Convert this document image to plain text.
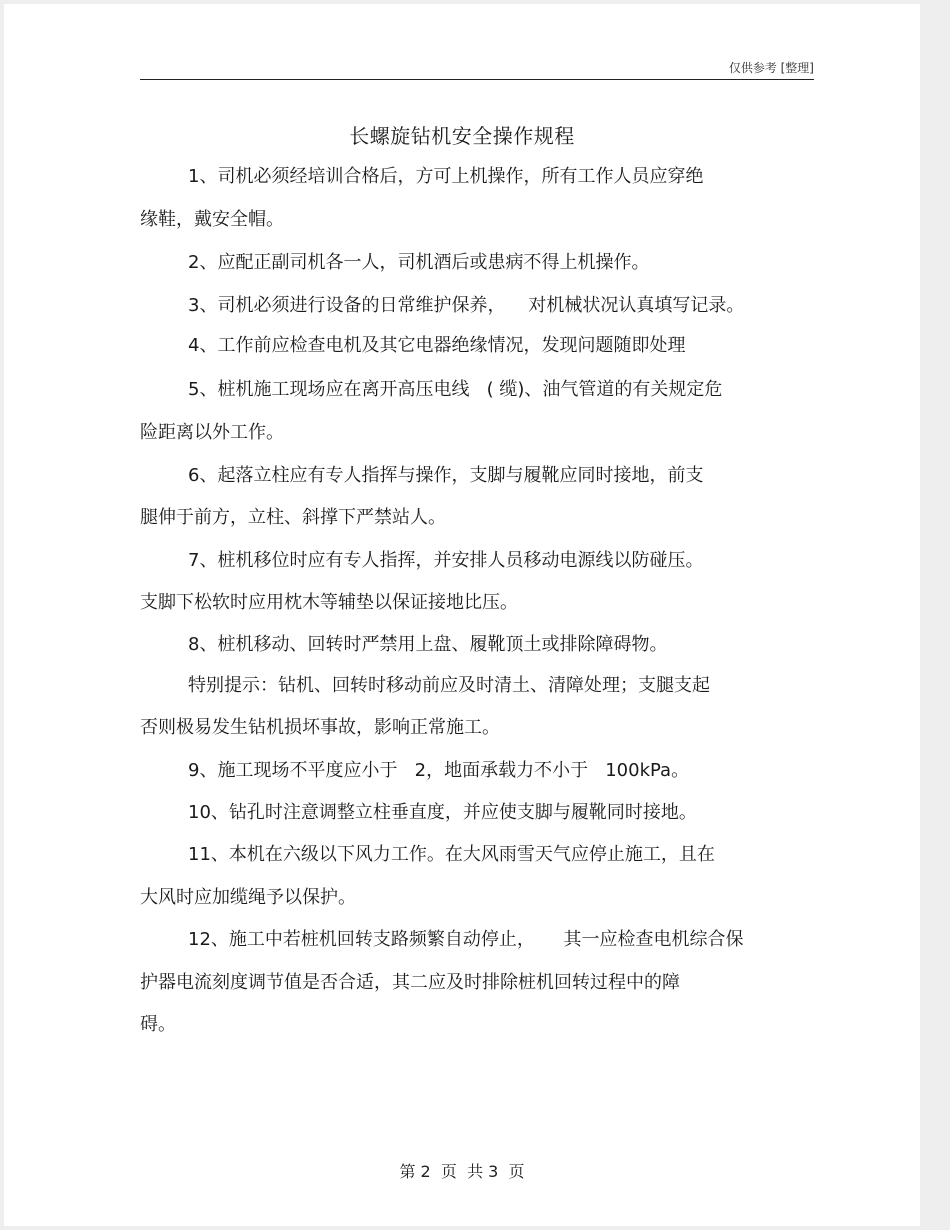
仅供参考 [整理]
长螺旋钻机安全操作规程
1、司机必须经培训合格后，方可上机操作，所有工作人员应穿绝
缘鞋，戴安全帽。
2、应配正副司机各一人，司机酒后或患病不得上机操作。
3、司机必须进行设备的日常维护保养，    对机械状况认真填写记录。
4、工作前应检查电机及其它电器绝缘情况，发现问题随即处理
5、桩机施工现场应在离开高压电线   ( 缆)、油气管道的有关规定危
险距离以外工作。
6、起落立柱应有专人指挥与操作，支脚与履靴应同时接地，前支
腿伸于前方，立柱、斜撑下严禁站人。
7、桩机移位时应有专人指挥，并安排人员移动电源线以防碰压。
支脚下松软时应用枕木等辅垫以保证接地比压。
8、桩机移动、回转时严禁用上盘、履靴顶土或排除障碍物。
特别提示：钻机、回转时移动前应及时清土、清障处理；支腿支起
否则极易发生钻机损坏事故，影响正常施工。
9、施工现场不平度应小于   2，地面承载力不小于   100kPa。
10、钻孔时注意调整立柱垂直度，并应使支脚与履靴同时接地。
11、本机在六级以下风力工作。在大风雨雪天气应停止施工，且在
大风时应加缆绳予以保护。
12、施工中若桩机回转支路频繁自动停止，     其一应检查电机综合保
护器电流刻度调节值是否合适，其二应及时排除桩机回转过程中的障
碍。
第 2  页  共 3  页
